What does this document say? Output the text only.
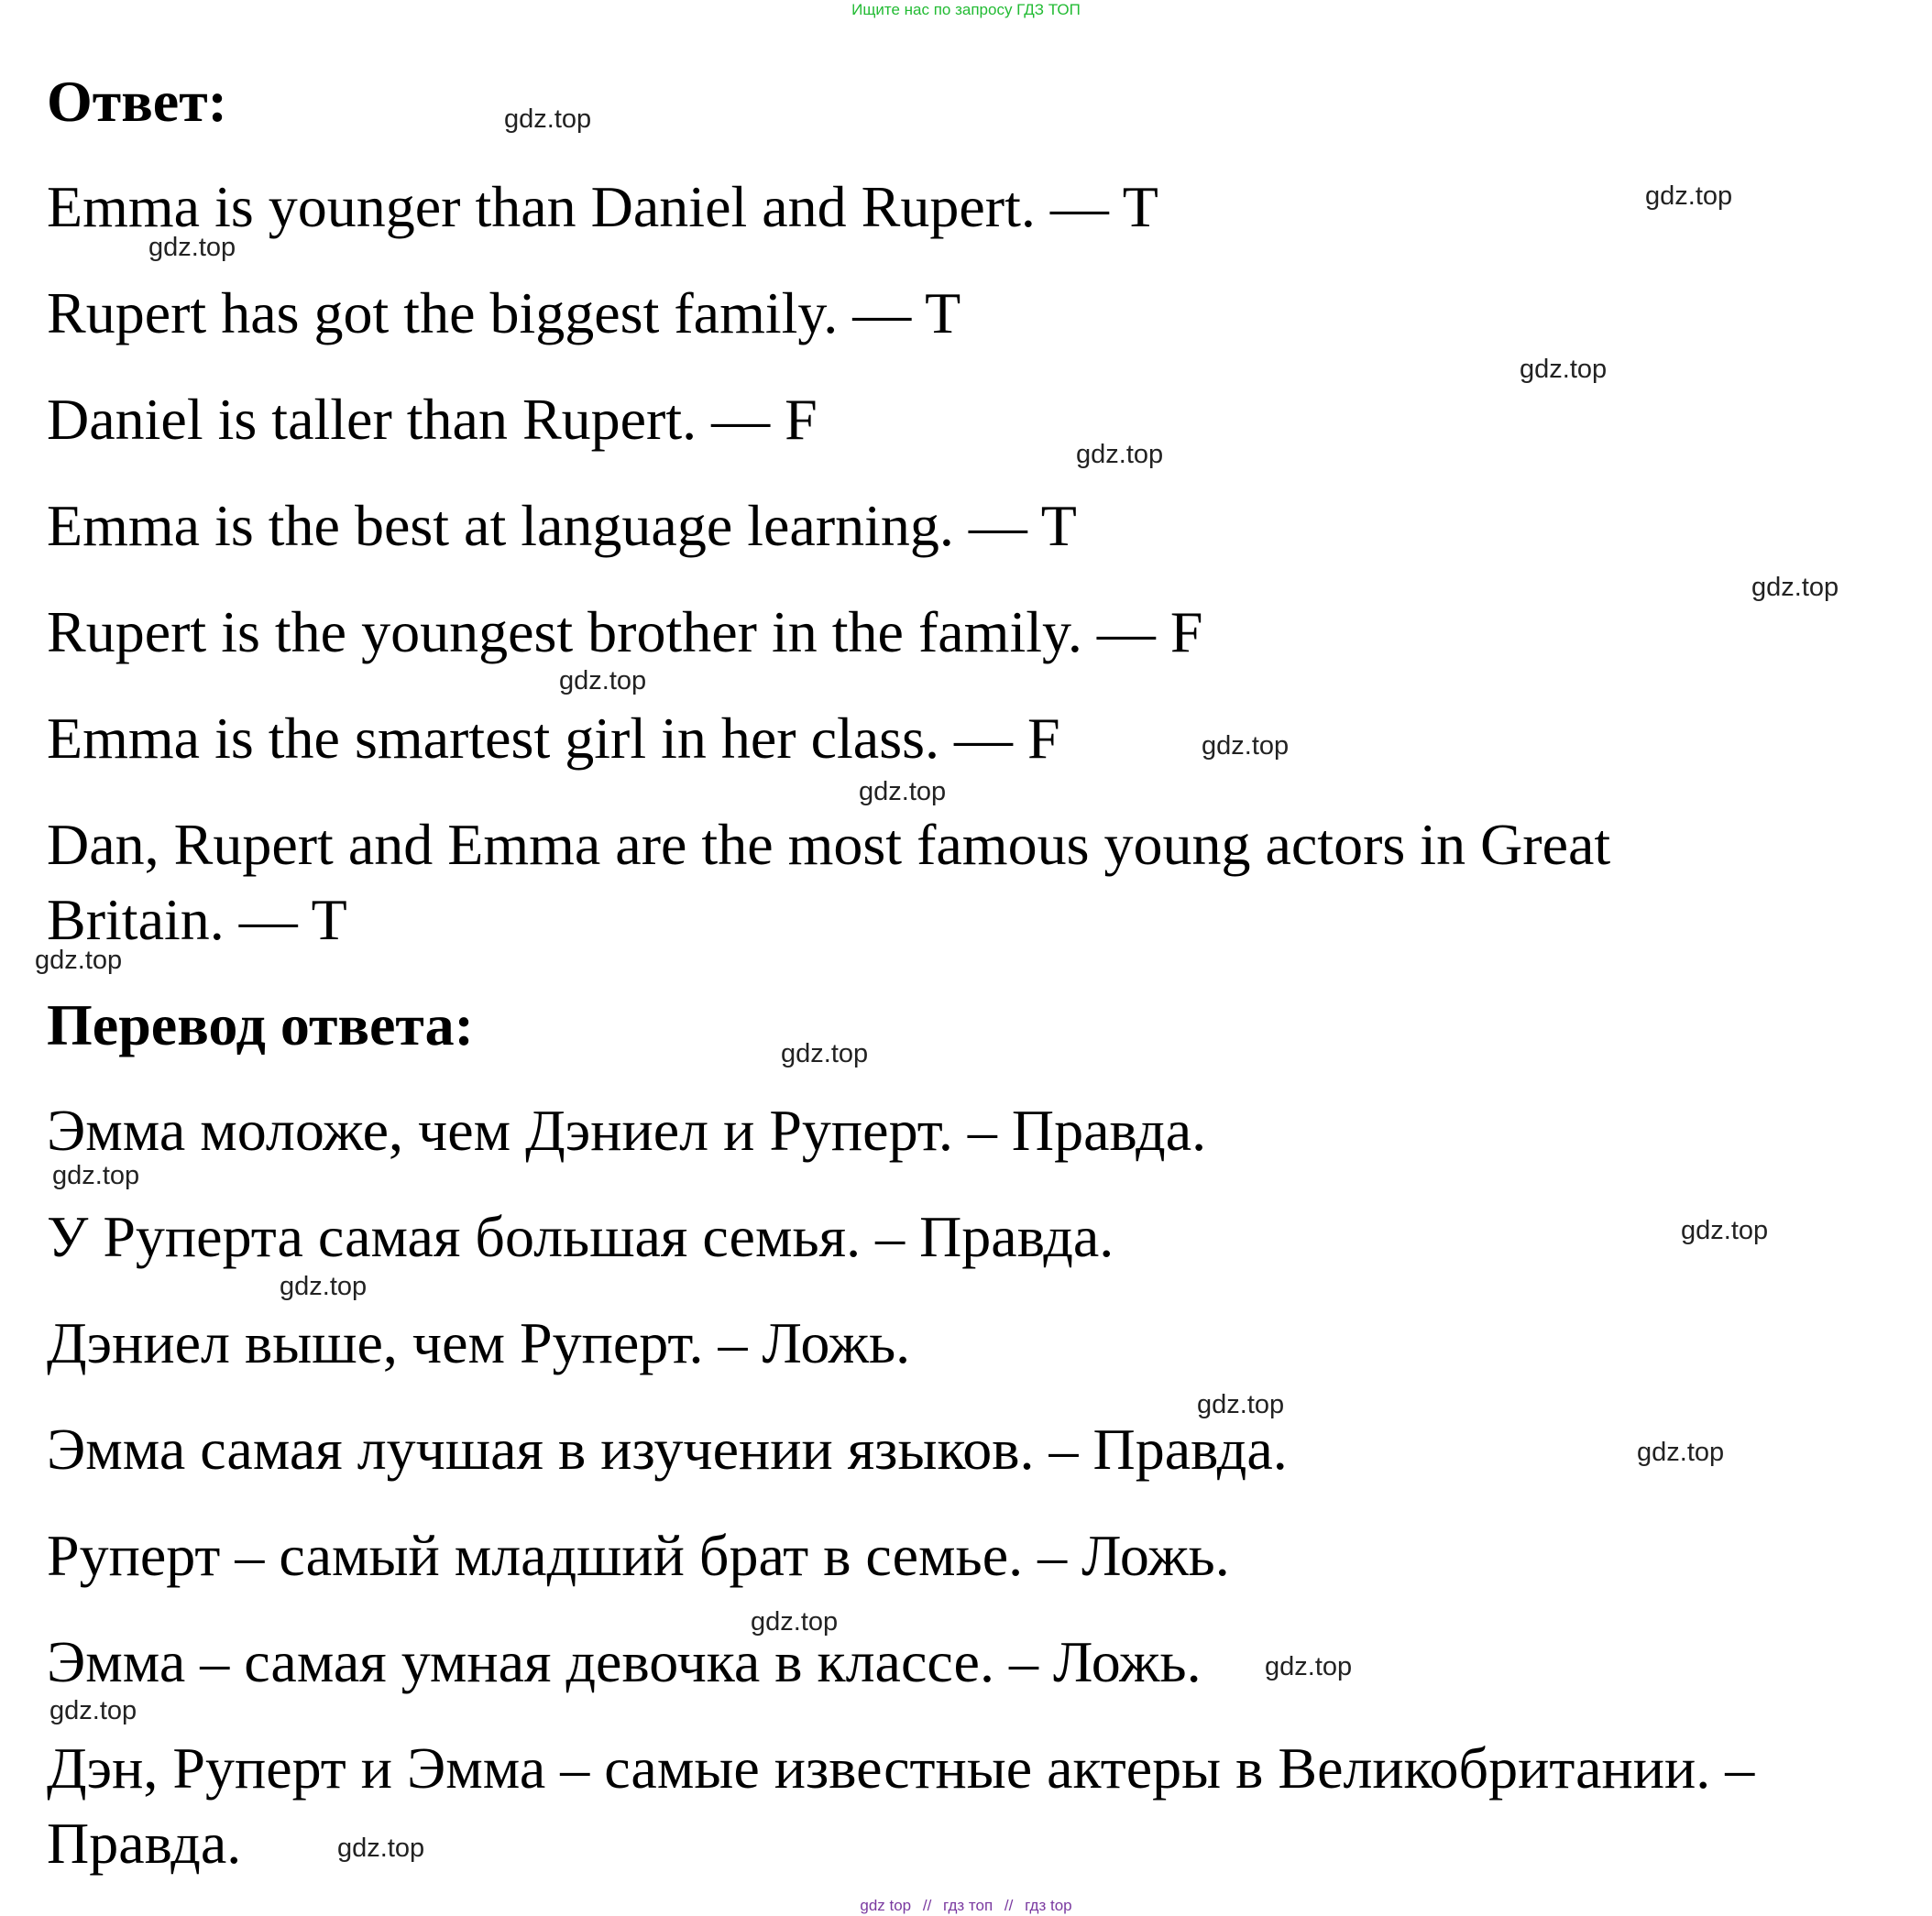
Ищите нас по запросу ГДЗ ТОП
Ответ:
Emma is younger than Daniel and Rupert. — T
Rupert has got the biggest family. — T
Daniel is taller than Rupert. — F
Emma is the best at language learning. — T
Rupert is the youngest brother in the family. — F
Emma is the smartest girl in her class. — F
Dan, Rupert and Emma are the most famous young actors in Great
Britain. — T
Перевод ответа:
Эмма моложе, чем Дэниел и Руперт. – Правда.
У Руперта самая большая семья. – Правда.
Дэниел выше, чем Руперт. – Ложь.
Эмма самая лучшая в изучении языков. – Правда.
Руперт – самый младший брат в семье. – Ложь.
Эмма – самая умная девочка в классе. – Ложь.
Дэн, Руперт и Эмма – самые известные актеры в Великобритании. –
Правда.
gdz.top
gdz.top
gdz.top
gdz.top
gdz.top
gdz.top
gdz.top
gdz.top
gdz.top
gdz.top
gdz.top
gdz.top
gdz.top
gdz.top
gdz.top
gdz.top
gdz.top
gdz.top
gdz.top
gdz.top
gdz top // гдз топ // гдз top
